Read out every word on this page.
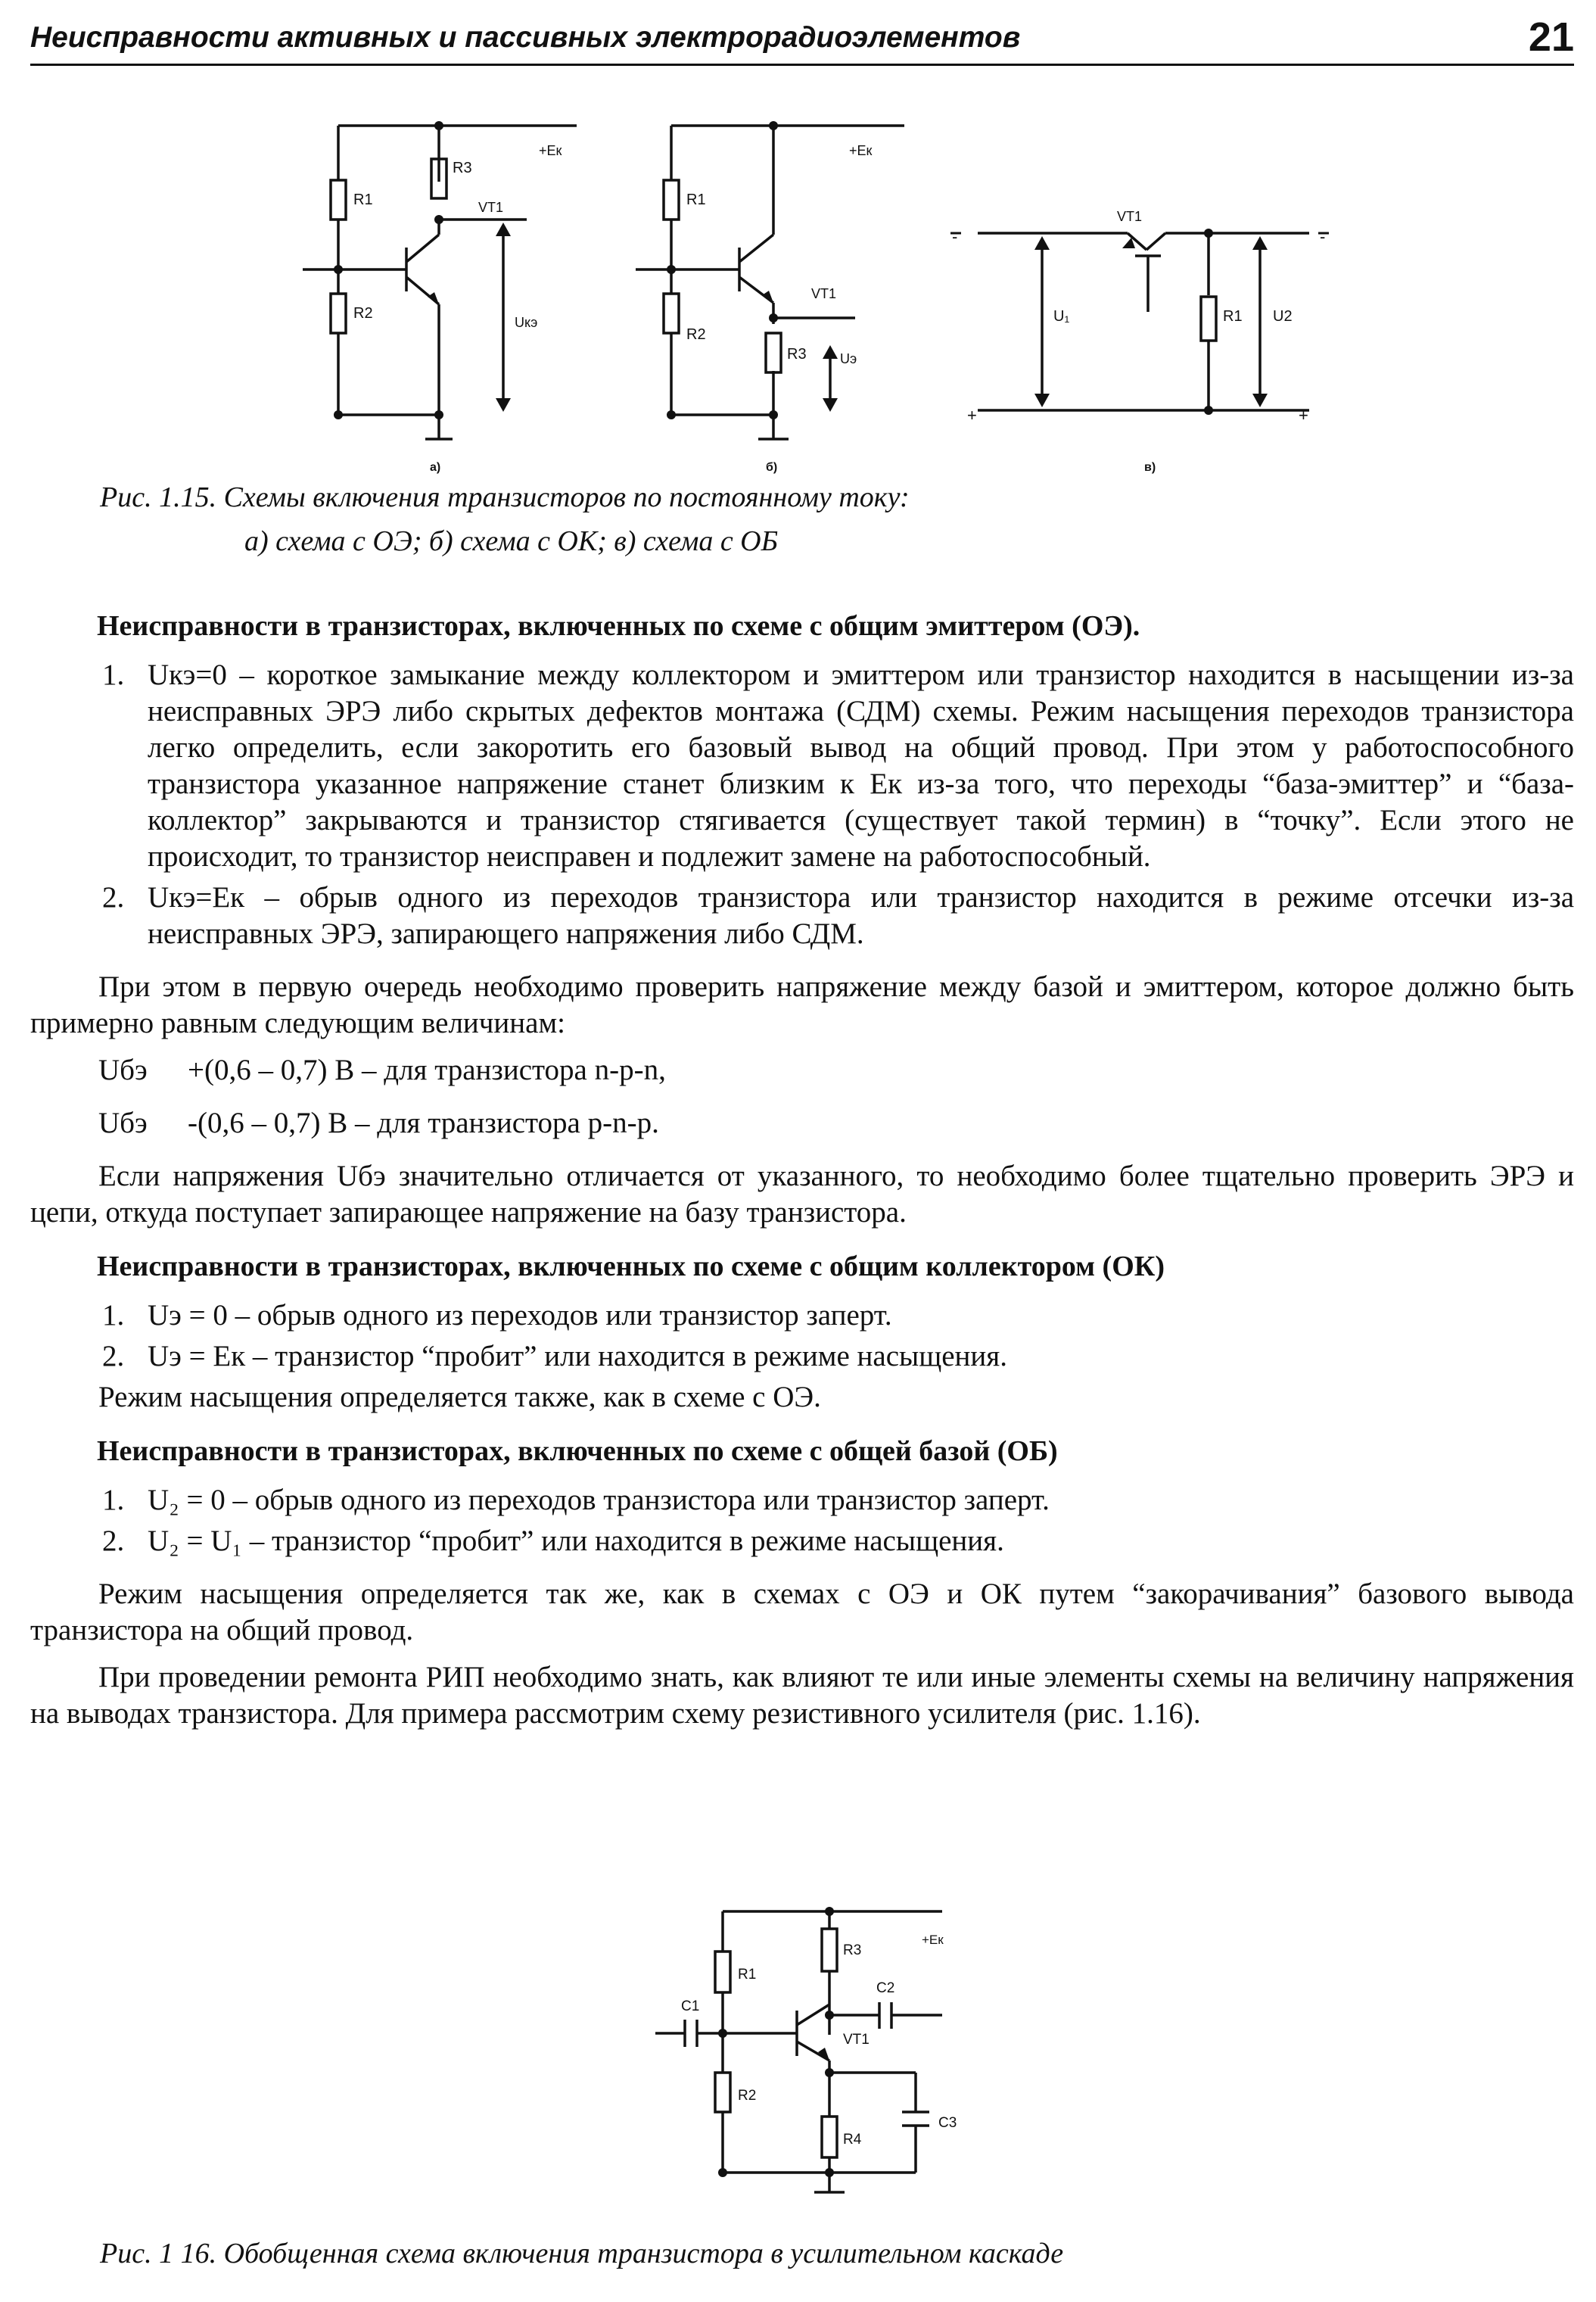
Неисправности активных и пассивных электрорадиоэлементов	21
R1
R2
R3
VT1
+Eк
Uкэ
а)
R1
R2
R3
VT1
+Eк
Uэ
б)
VT1
U₁	R1 U2
-	-
+	+
в)
Рис. 1.15. Схемы включения транзисторов по постоянному току:
а) схема с ОЭ; б) схема с ОК; в) схема с ОБ
Неисправности в транзисторах, включенных по схеме с общим эмиттером (ОЭ).
1. Uкэ=0 – короткое замыкание между коллектором и эмиттером или транзистор находится в насыщении из-за неисправных ЭРЭ либо скрытых дефектов монтажа (СДМ) схемы. Режим насыщения переходов транзистора легко определить, если закоротить его базовый вывод на общий провод. При этом у работоспособного транзистора указанное напряжение станет близким к Eк из-за того, что переходы “база-эмиттер” и “база-коллектор” закрываются и транзистор стягивается (существует такой термин) в “точку”. Если этого не происходит, то транзистор неисправен и подлежит замене на работоспособный.
2. Uкэ=Eк – обрыв одного из переходов транзистора или транзистор находится в режиме отсечки из-за неисправных ЭРЭ, запирающего напряжения либо СДМ.

При этом в первую очередь необходимо проверить напряжение между базой и эмиттером, которое должно быть примерно равным следующим величинам:

Uбэ +(0,6 – 0,7) В – для транзистора n-p-n,
Uбэ -(0,6 – 0,7) В – для транзистора p-n-p.

Если напряжения Uбэ значительно отличается от указанного, то необходимо более тщательно проверить ЭРЭ и цепи, откуда поступает запирающее напряжение на базу транзистора.

Неисправности в транзисторах, включенных по схеме с общим коллектором (ОК)
1. Uэ = 0 – обрыв одного из переходов или транзистор заперт.
2. Uэ = Eк – транзистор “пробит” или находится в режиме насыщения.

Режим насыщения определяется также, как в схеме с ОЭ.

Неисправности в транзисторах, включенных по схеме с общей базой (ОБ)
1. U₂ = 0 – обрыв одного из переходов транзистора или транзистор заперт.
2. U₂ = U₁ – транзистор “пробит” или находится в режиме насыщения.

Режим насыщения определяется так же, как в схемах с ОЭ и ОК путем “закорачивания” базового вывода транзистора на общий провод.

При проведении ремонта РИП необходимо знать, как влияют те или иные элементы схемы на величину напряжения на выводах транзистора. Для примера рассмотрим схему резистивного усилителя (рис. 1.16).

+Eк
R1
R2
R3
R4
C1
C2
C3
VT1
Рис. 1 16. Обобщенная схема включения транзистора в усилительном каскаде
